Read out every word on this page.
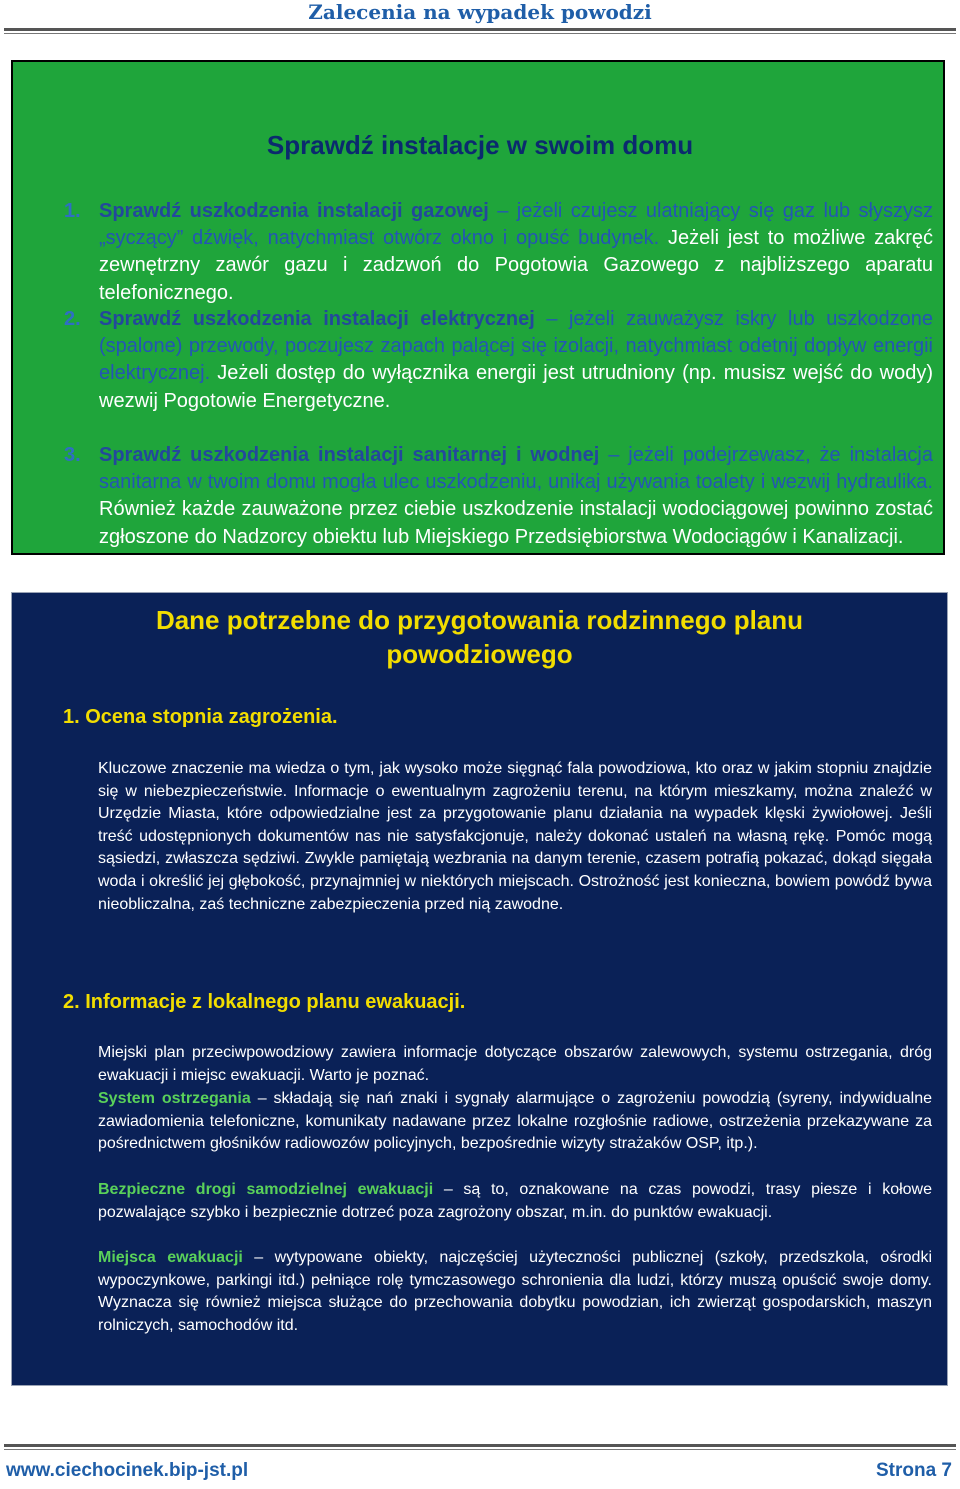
Zalecenia na wypadek powodzi
Sprawdź instalacje w swoim domu
1. Sprawdź uszkodzenia instalacji gazowej – jeżeli czujesz ulatniający się gaz lub słyszysz „syczący” dźwięk, natychmiast otwórz okno i opuść budynek. Jeżeli jest to możliwe zakręć zewnętrzny zawór gazu i zadzwoń do Pogotowia Gazowego z najbliższego aparatu telefonicznego.
2. Sprawdź uszkodzenia instalacji elektrycznej – jeżeli zauważysz iskry lub uszkodzone (spalone) przewody, poczujesz zapach palącej się izolacji, natychmiast odetnij dopływ energii elektrycznej. Jeżeli dostęp do wyłącznika energii jest utrudniony (np. musisz wejść do wody) wezwij Pogotowie Energetyczne.
3. Sprawdź uszkodzenia instalacji sanitarnej i wodnej – jeżeli podejrzewasz, że instalacja sanitarna w twoim domu mogła ulec uszkodzeniu, unikaj używania toalety i wezwij hydraulika. Również każde zauważone przez ciebie uszkodzenie instalacji wodociągowej powinno zostać zgłoszone do Nadzorcy obiektu lub Miejskiego Przedsiębiorstwa Wodociągów i Kanalizacji.
Dane potrzebne do przygotowania rodzinnego planu powodziowego
1. Ocena stopnia zagrożenia.
Kluczowe znaczenie ma wiedza o tym, jak wysoko może sięgnąć fala powodziowa, kto oraz w jakim stopniu znajdzie się w niebezpieczeństwie. Informacje o ewentualnym zagrożeniu terenu, na którym mieszkamy, można znaleźć w Urzędzie Miasta, które odpowiedzialne jest za przygotowanie planu działania na wypadek klęski żywiołowej. Jeśli treść udostępnionych dokumentów nas nie satysfakcjonuje, należy dokonać ustaleń na własną rękę. Pomóc mogą sąsiedzi, zwłaszcza sędziwi. Zwykle pamiętają wezbrania na danym terenie, czasem potrafią pokazać, dokąd sięgała woda i określić jej głębokość, przynajmniej w niektórych miejscach. Ostrożność jest konieczna, bowiem powódź bywa nieobliczalna, zaś techniczne zabezpieczenia przed nią zawodne.
2. Informacje z lokalnego planu ewakuacji.
Miejski plan przeciwpowodziowy zawiera informacje dotyczące obszarów zalewowych, systemu ostrzegania, dróg ewakuacji i miejsc ewakuacji. Warto je poznać.
System ostrzegania – składają się nań znaki i sygnały alarmujące o zagrożeniu powodzią (syreny, indywidualne zawiadomienia telefoniczne, komunikaty nadawane przez lokalne rozgłośnie radiowe, ostrzeżenia przekazywane za pośrednictwem głośników radiowozów policyjnych, bezpośrednie wizyty strażaków OSP, itp.).
Bezpieczne drogi samodzielnej ewakuacji – są to, oznakowane na czas powodzi, trasy piesze i kołowe pozwalające szybko i bezpiecznie dotrzeć poza zagrożony obszar, m.in. do punktów ewakuacji.
Miejsca ewakuacji – wytypowane obiekty, najczęściej użyteczności publicznej (szkoły, przedszkola, ośrodki wypoczynkowe, parkingi itd.) pełniące rolę tymczasowego schronienia dla ludzi, którzy muszą opuścić swoje domy. Wyznacza się również miejsca służące do przechowania dobytku powodzian, ich zwierząt gospodarskich, maszyn rolniczych, samochodów itd.
www.ciechocinek.bip-jst.pl	Strona 7
